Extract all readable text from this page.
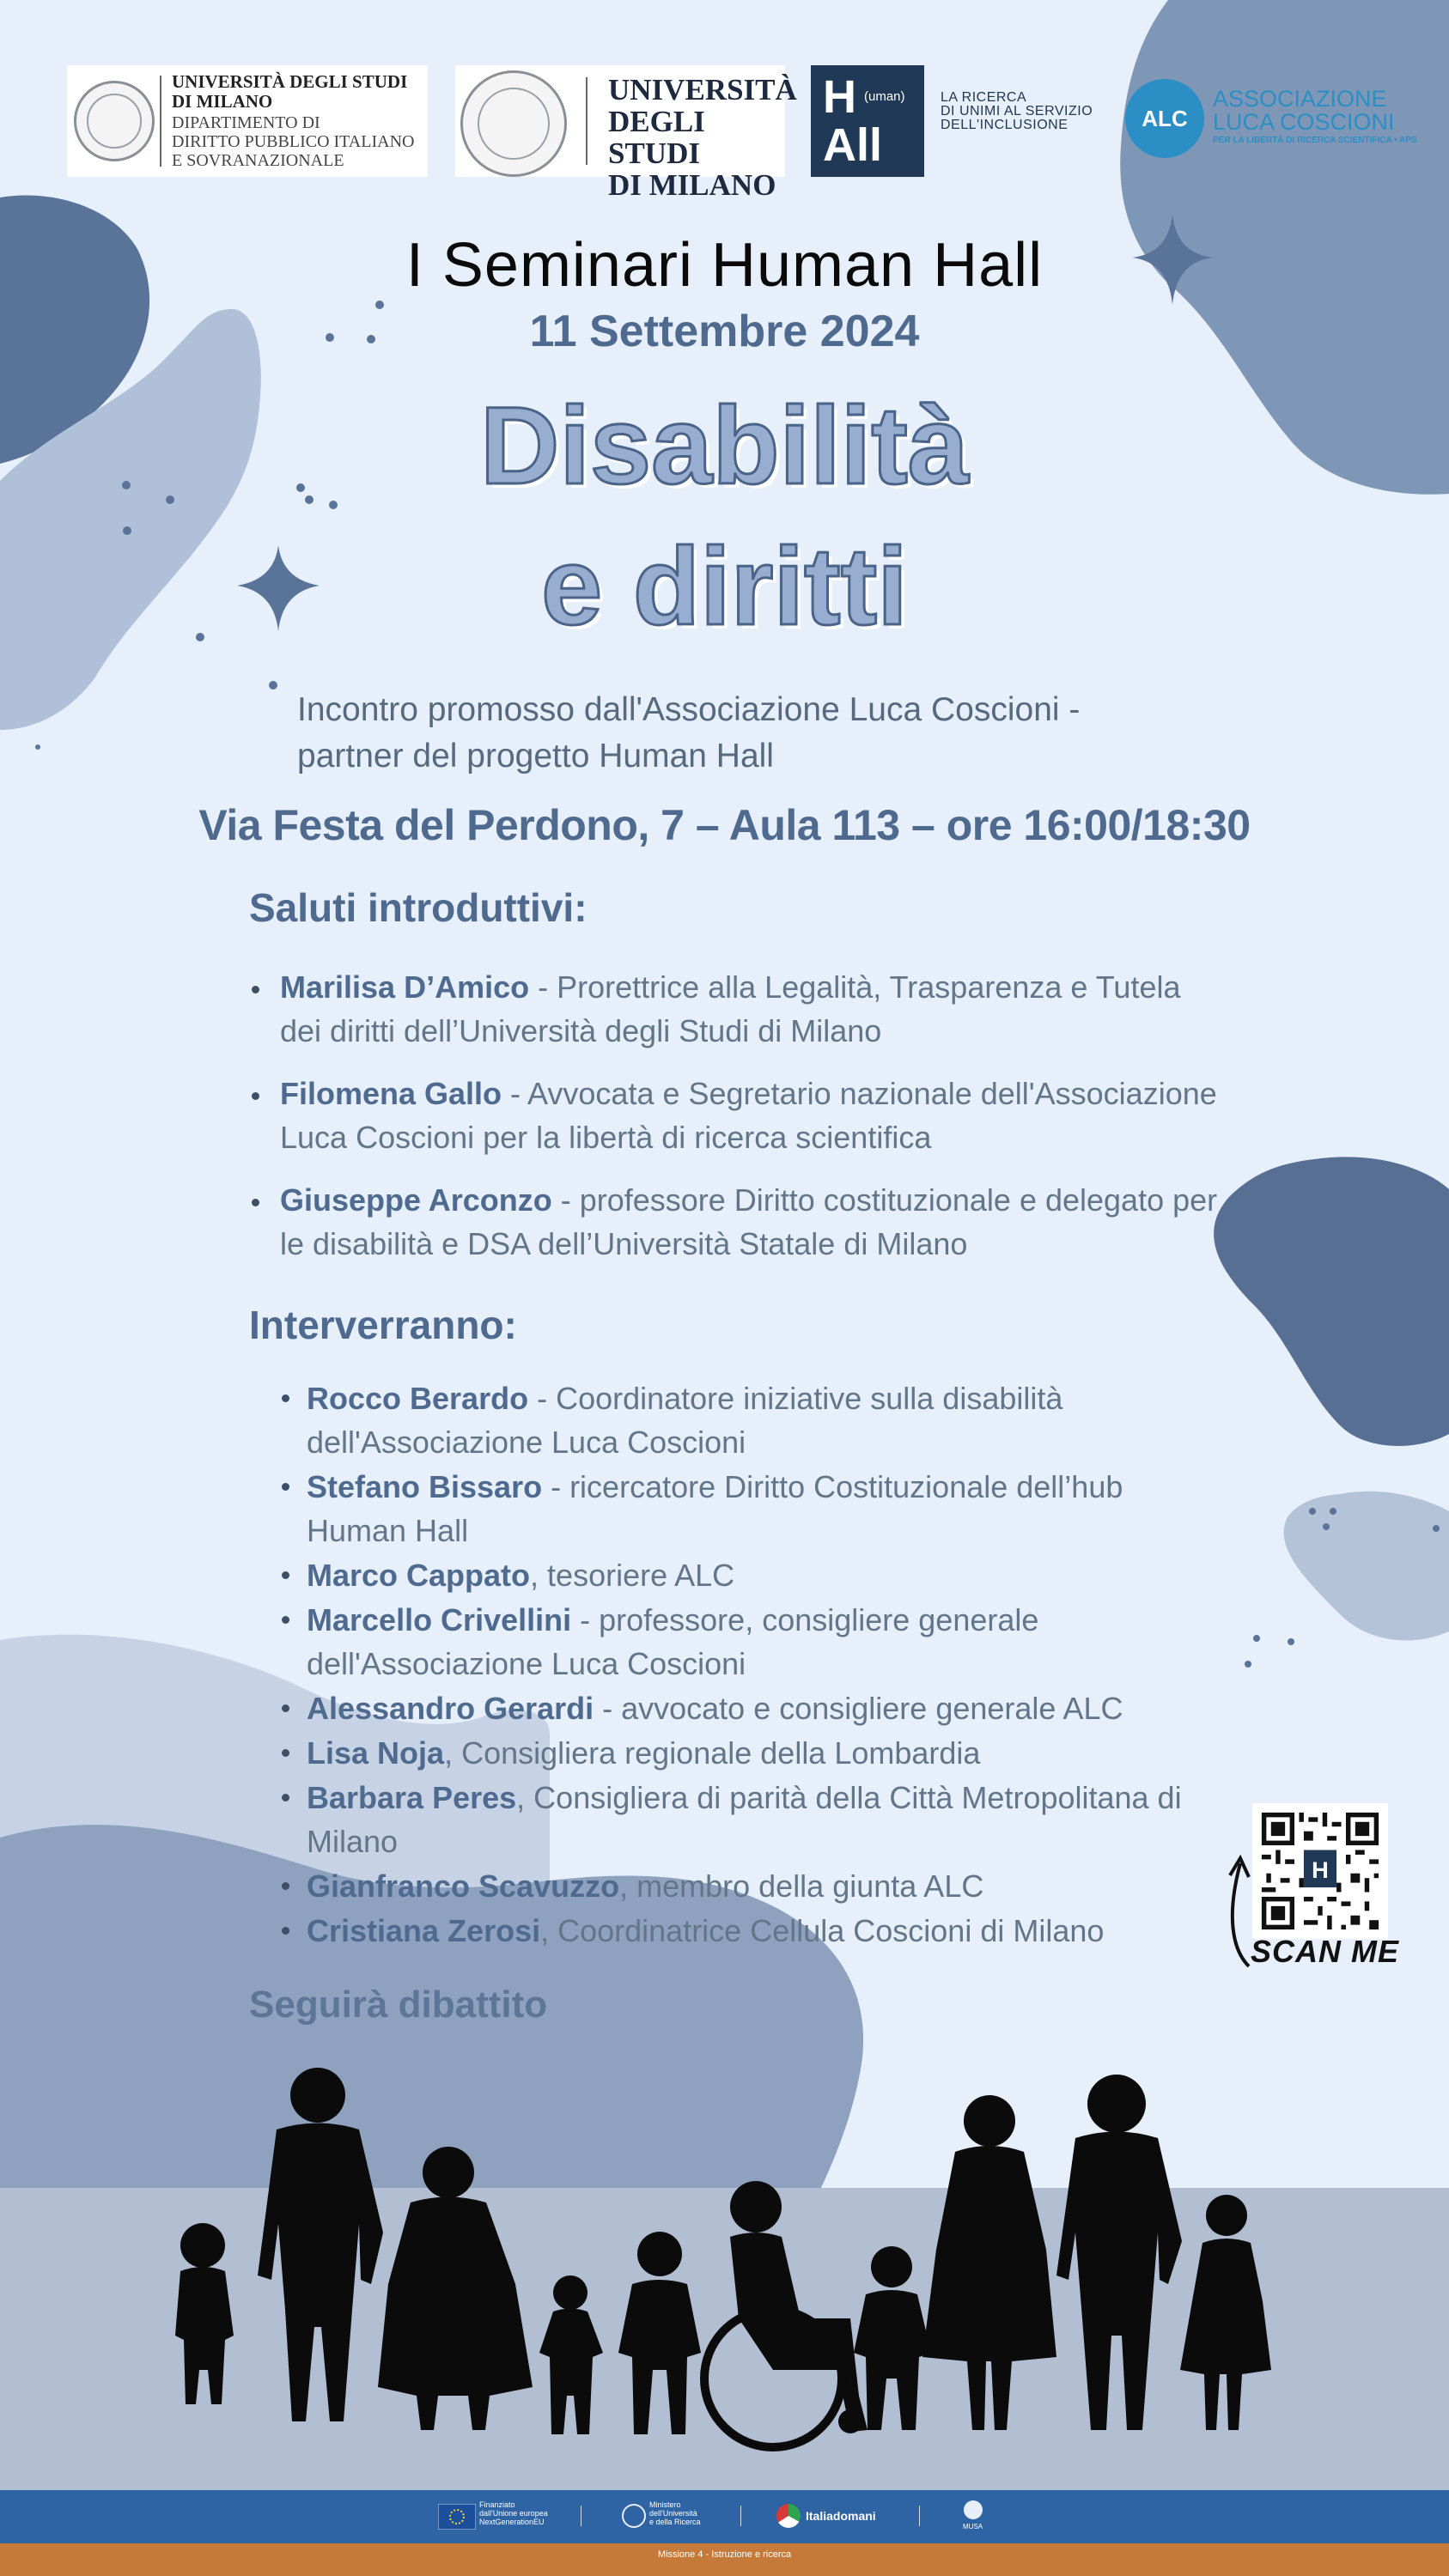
UNIVERSITÀ DEGLI STUDI
DI MILANO
DIPARTIMENTO DI
DIRITTO PUBBLICO ITALIANO
E SOVRANAZIONALE
UNIVERSITÀ
DEGLI STUDI
DI MILANO
H (uman)
All
LA RICERCA
DI UNIMI AL SERVIZIO
DELL'INCLUSIONE	ALC
ASSOCIAZIONE
LUCA COSCIONI
PER LA LIBERTÀ DI RICERCA SCIENTIFICA • APS
I Seminari Human Hall
11 Settembre 2024
Disabilità
e diritti
Incontro promosso dall'Associazione Luca Coscioni -
partner del progetto Human Hall
Via Festa del Perdono, 7 – Aula 113 – ore 16:00/18:30
Saluti introduttivi:
Marilisa D’Amico - Prorettrice alla Legalità, Trasparenza e Tutela
dei diritti dell’Università degli Studi di Milano
Filomena Gallo - Avvocata e Segretario nazionale dell'Associazione
Luca Coscioni per la libertà di ricerca scientifica
Giuseppe Arconzo - professore Diritto costituzionale e delegato per
le disabilità e DSA dell’Università Statale di Milano
Interverranno:
Rocco Berardo - Coordinatore iniziative sulla disabilità
dell'Associazione Luca Coscioni
Stefano Bissaro - ricercatore Diritto Costituzionale dell’hub
Human Hall
Marco Cappato, tesoriere ALC
Marcello Crivellini - professore, consigliere generale
dell'Associazione Luca Coscioni
Alessandro Gerardi - avvocato e consigliere generale ALC
Lisa Noja, Consigliera regionale della Lombardia
Barbara Peres, Consigliera di parità della Città Metropolitana di
Milano
Gianfranco Scavuzzo, membro della giunta ALC
Cristiana Zerosi, Coordinatrice Cellula Coscioni di Milano
Seguirà dibattito
H
SCAN ME
Finanziato
dall'Unione europea
NextGenerationEU
Ministero
dell'Università
e della Ricerca	Italiadomani
MUSA
Missione 4 - Istruzione e ricerca
